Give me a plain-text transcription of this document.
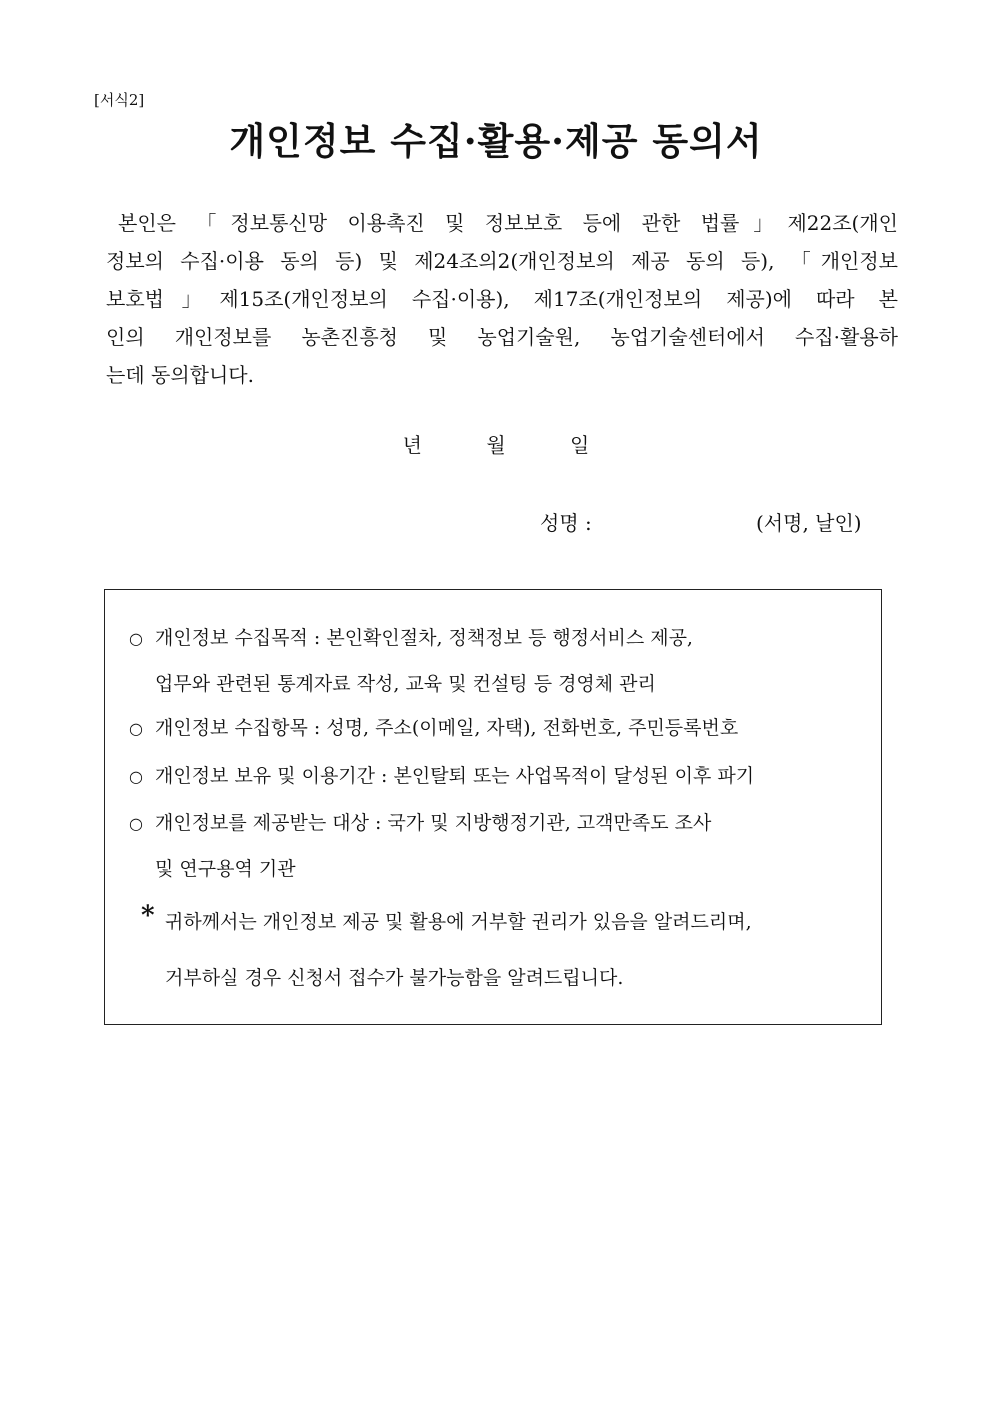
[서식2]
개인정보 수집·활용·제공 동의서
본인은 「정보통신망 이용촉진 및 정보보호 등에 관한 법률」제22조(개인
정보의 수집·이용 동의 등) 및 제24조의2(개인정보의 제공 동의 등), 「개인정보
보호법」제15조(개인정보의 수집·이용), 제17조(개인정보의 제공)에 따라 본
인의 개인정보를 농촌진흥청 및 농업기술원, 농업기술센터에서 수집·활용하
는데 동의합니다.
년	월	일
성명 :	(서명, 날인)
○ 개인정보 수집목적 : 본인확인절차, 정책정보 등 행정서비스 제공,
업무와 관련된 통계자료 작성, 교육 및 컨설팅 등 경영체 관리
○ 개인정보 수집항목 : 성명, 주소(이메일, 자택), 전화번호, 주민등록번호
○ 개인정보 보유 및 이용기간 : 본인탈퇴 또는 사업목적이 달성된 이후 파기
○ 개인정보를 제공받는 대상 : 국가 및 지방행정기관, 고객만족도 조사
및 연구용역 기관
* 귀하께서는 개인정보 제공 및 활용에 거부할 권리가 있음을 알려드리며,
거부하실 경우 신청서 접수가 불가능함을 알려드립니다.
